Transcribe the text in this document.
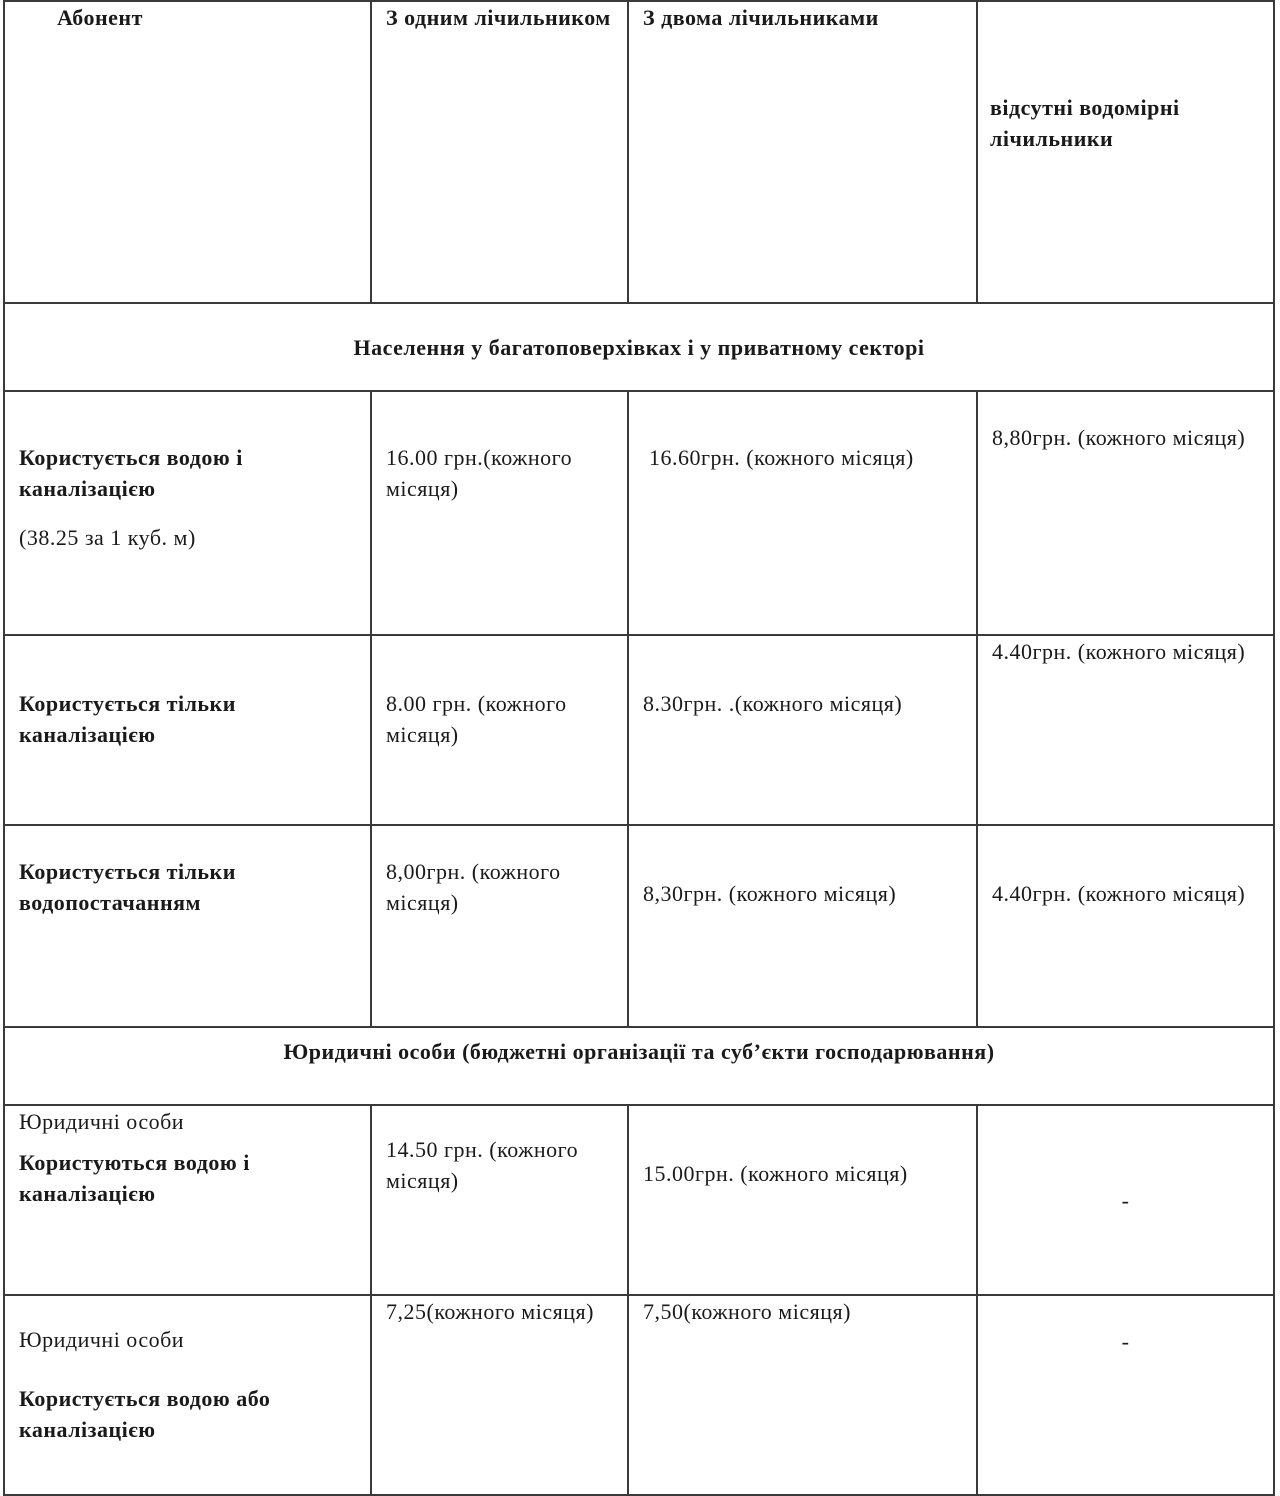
Абонент	З одним лічильником	З двома лічильниками	відсутні водомірні лічильники
Населення у багатоповерхівках і у приватному секторі			
Користується водою і каналізацією
(38.25 за 1 куб. м)	16.00 грн.(кожного місяця)	16.60грн. (кожного місяця)	8,80грн. (кожного місяця)
Користується тільки каналізацією	8.00 грн. (кожного місяця)	8.30грн. .(кожного місяця)	4.40грн. (кожного місяця)
Користується тільки водопостачанням	8,00грн. (кожного місяця)	8,30грн. (кожного місяця)	4.40грн. (кожного місяця)
Юридичні особи (бюджетні організації та суб’єкти господарювання)			

Юридичні особи
Користуються водою і каналізацією	14.50 грн. (кожного місяця)	15.00грн. (кожного місяця)	-

Юридичні особи
Користується водою або каналізацією	7,25(кожного місяця)	7,50(кожного місяця)	-
